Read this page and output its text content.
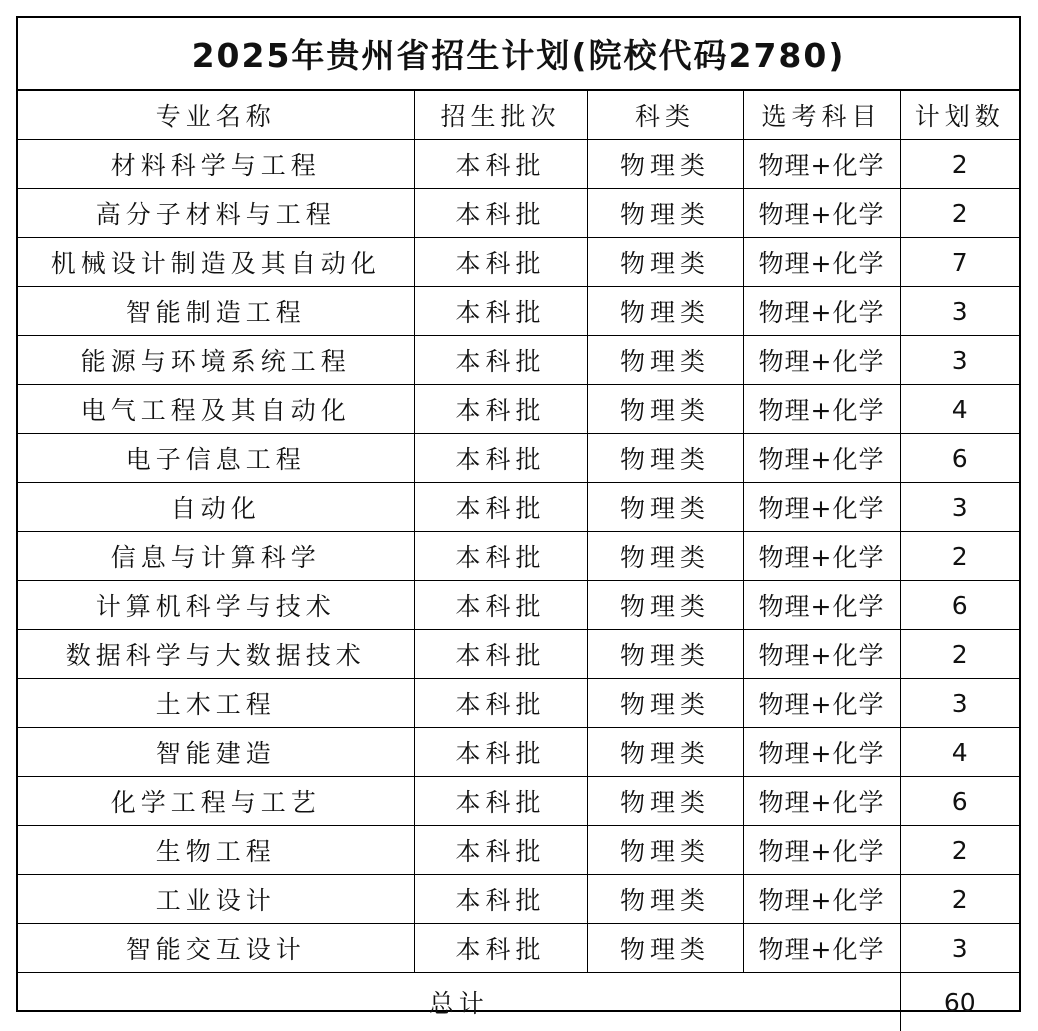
2025年贵州省招生计划(院校代码2780)
专业名称	招生批次	科类	选考科目	计划数
材料科学与工程	本科批	物理类	物理+化学	2
高分子材料与工程	本科批	物理类	物理+化学	2
机械设计制造及其自动化	本科批	物理类	物理+化学	7
智能制造工程	本科批	物理类	物理+化学	3
能源与环境系统工程	本科批	物理类	物理+化学	3
电气工程及其自动化	本科批	物理类	物理+化学	4
电子信息工程	本科批	物理类	物理+化学	6
自动化	本科批	物理类	物理+化学	3
信息与计算科学	本科批	物理类	物理+化学	2
计算机科学与技术	本科批	物理类	物理+化学	6
数据科学与大数据技术	本科批	物理类	物理+化学	2
土木工程	本科批	物理类	物理+化学	3
智能建造	本科批	物理类	物理+化学	4
化学工程与工艺	本科批	物理类	物理+化学	6
生物工程	本科批	物理类	物理+化学	2
工业设计	本科批	物理类	物理+化学	2
智能交互设计	本科批	物理类	物理+化学	3
总计				60
